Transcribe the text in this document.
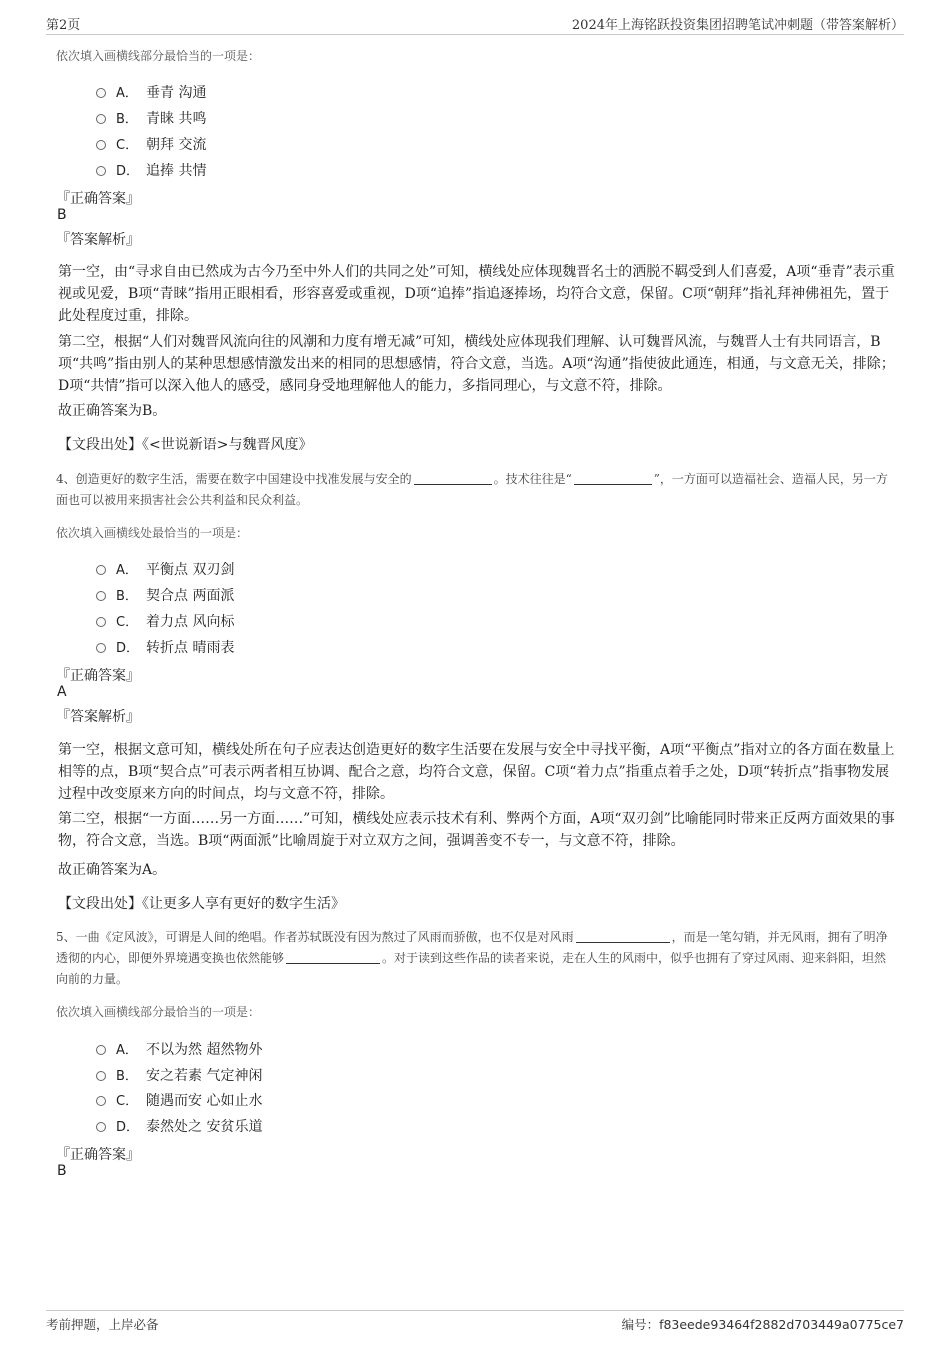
第2页	2024年上海铭跃投资集团招聘笔试冲刺题（带答案解析）
依次填入画横线部分最恰当的一项是：
A． 垂青 沟通
B． 青睐 共鸣
C． 朝拜 交流
D． 追捧 共情
『正确答案』
B
『答案解析』
第一空，由“寻求自由已然成为古今乃至中外人们的共同之处”可知，横线处应体现魏晋名士的洒脱不羁受到人们喜爱，A项“垂青”表示重视或见爱，B项“青睐”指用正眼相看，形容喜爱或重视，D项“追捧”指追逐捧场，均符合文意，保留。C项“朝拜”指礼拜神佛祖先，置于此处程度过重，排除。
第二空，根据“人们对魏晋风流向往的风潮和力度有增无减”可知，横线处应体现我们理解、认可魏晋风流，与魏晋人士有共同语言，B项“共鸣”指由别人的某种思想感情激发出来的相同的思想感情，符合文意，当选。A项“沟通”指使彼此通连，相通，与文意无关，排除；D项“共情”指可以深入他人的感受，感同身受地理解他人的能力，多指同理心，与文意不符，排除。
故正确答案为B。
【文段出处】《<世说新语>与魏晋风度》
4、创造更好的数字生活，需要在数字中国建设中找准发展与安全的	。技术往往是“	”，一方面可以造福社会、造福人民，另一方面也可以被用来损害社会公共利益和民众利益。
依次填入画横线处最恰当的一项是：
A． 平衡点 双刃剑
B． 契合点 两面派
C． 着力点 风向标
D． 转折点 晴雨表
『正确答案』
A
『答案解析』
第一空，根据文意可知，横线处所在句子应表达创造更好的数字生活要在发展与安全中寻找平衡，A项“平衡点”指对立的各方面在数量上相等的点，B项“契合点”可表示两者相互协调、配合之意，均符合文意，保留。C项“着力点”指重点着手之处，D项“转折点”指事物发展过程中改变原来方向的时间点，均与文意不符，排除。
第二空，根据“一方面……另一方面……”可知，横线处应表示技术有利、弊两个方面，A项“双刃剑”比喻能同时带来正反两方面效果的事物，符合文意，当选。B项“两面派”比喻周旋于对立双方之间，强调善变不专一，与文意不符，排除。
故正确答案为A。
【文段出处】《让更多人享有更好的数字生活》
5、一曲《定风波》，可谓是人间的绝唱。作者苏轼既没有因为熬过了风雨而骄傲，也不仅是对风雨	，而是一笔勾销，并无风雨，拥有了明净透彻的内心，即便外界境遇变换也依然能够	。对于读到这些作品的读者来说，走在人生的风雨中，似乎也拥有了穿过风雨、迎来斜阳，坦然向前的力量。
依次填入画横线部分最恰当的一项是：
A． 不以为然 超然物外
B． 安之若素 气定神闲
C． 随遇而安 心如止水
D． 泰然处之 安贫乐道
『正确答案』
B
考前押题，上岸必备	编号：f83eede93464f2882d703449a0775ce7
